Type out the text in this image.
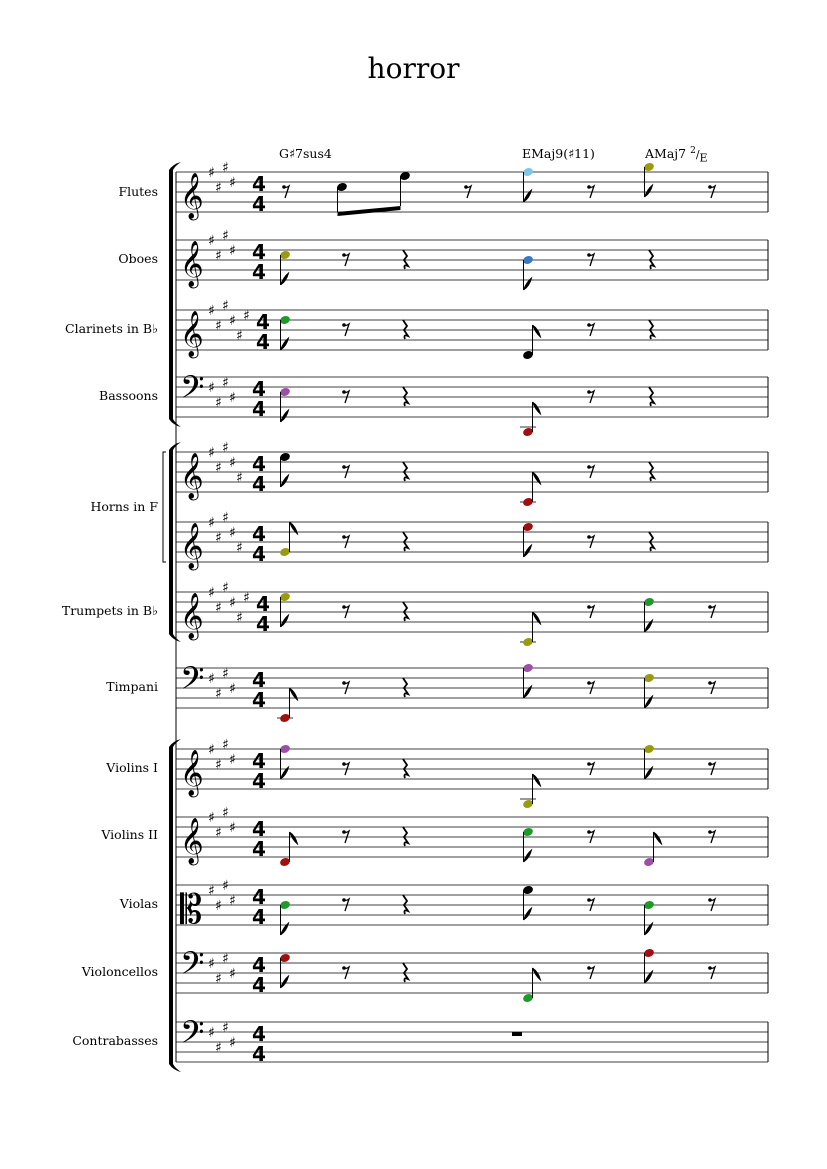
horror
G♯7sus4	EMaj9(♯11)	AMaj7 $^2/_E$
Flutes
Oboes
Clarinets in B♭
Bassoons
Horns in F
Trumpets in B♭
Timpani
Violins I
Violins II
Violas
Violoncellos
Contrabasses
𝄞 ♯
♯
♯
♯ 4
4
𝄞 ♯
♯
♯
♯ 4
4
𝄞 ♯
♯
♯
♯
♯
♯ 4
4
𝄢 ♯
♯
♯
♯ 4
4
𝄞 ♯
♯
♯
♯
♯
4
4
𝄞 ♯
♯
♯
♯
♯
4
4
𝄞 ♯
♯
♯
♯
♯
♯ 4
4
𝄢 ♯
♯
♯
♯ 4
4
𝄞 ♯
♯
♯
♯ 4
4
𝄞 ♯
♯
♯
♯ 4
4
𝄡 ♯
♯
♯
♯ 4
4
𝄢 ♯
♯
♯
♯ 4
4
𝄢 ♯
♯
♯
♯ 4
4
